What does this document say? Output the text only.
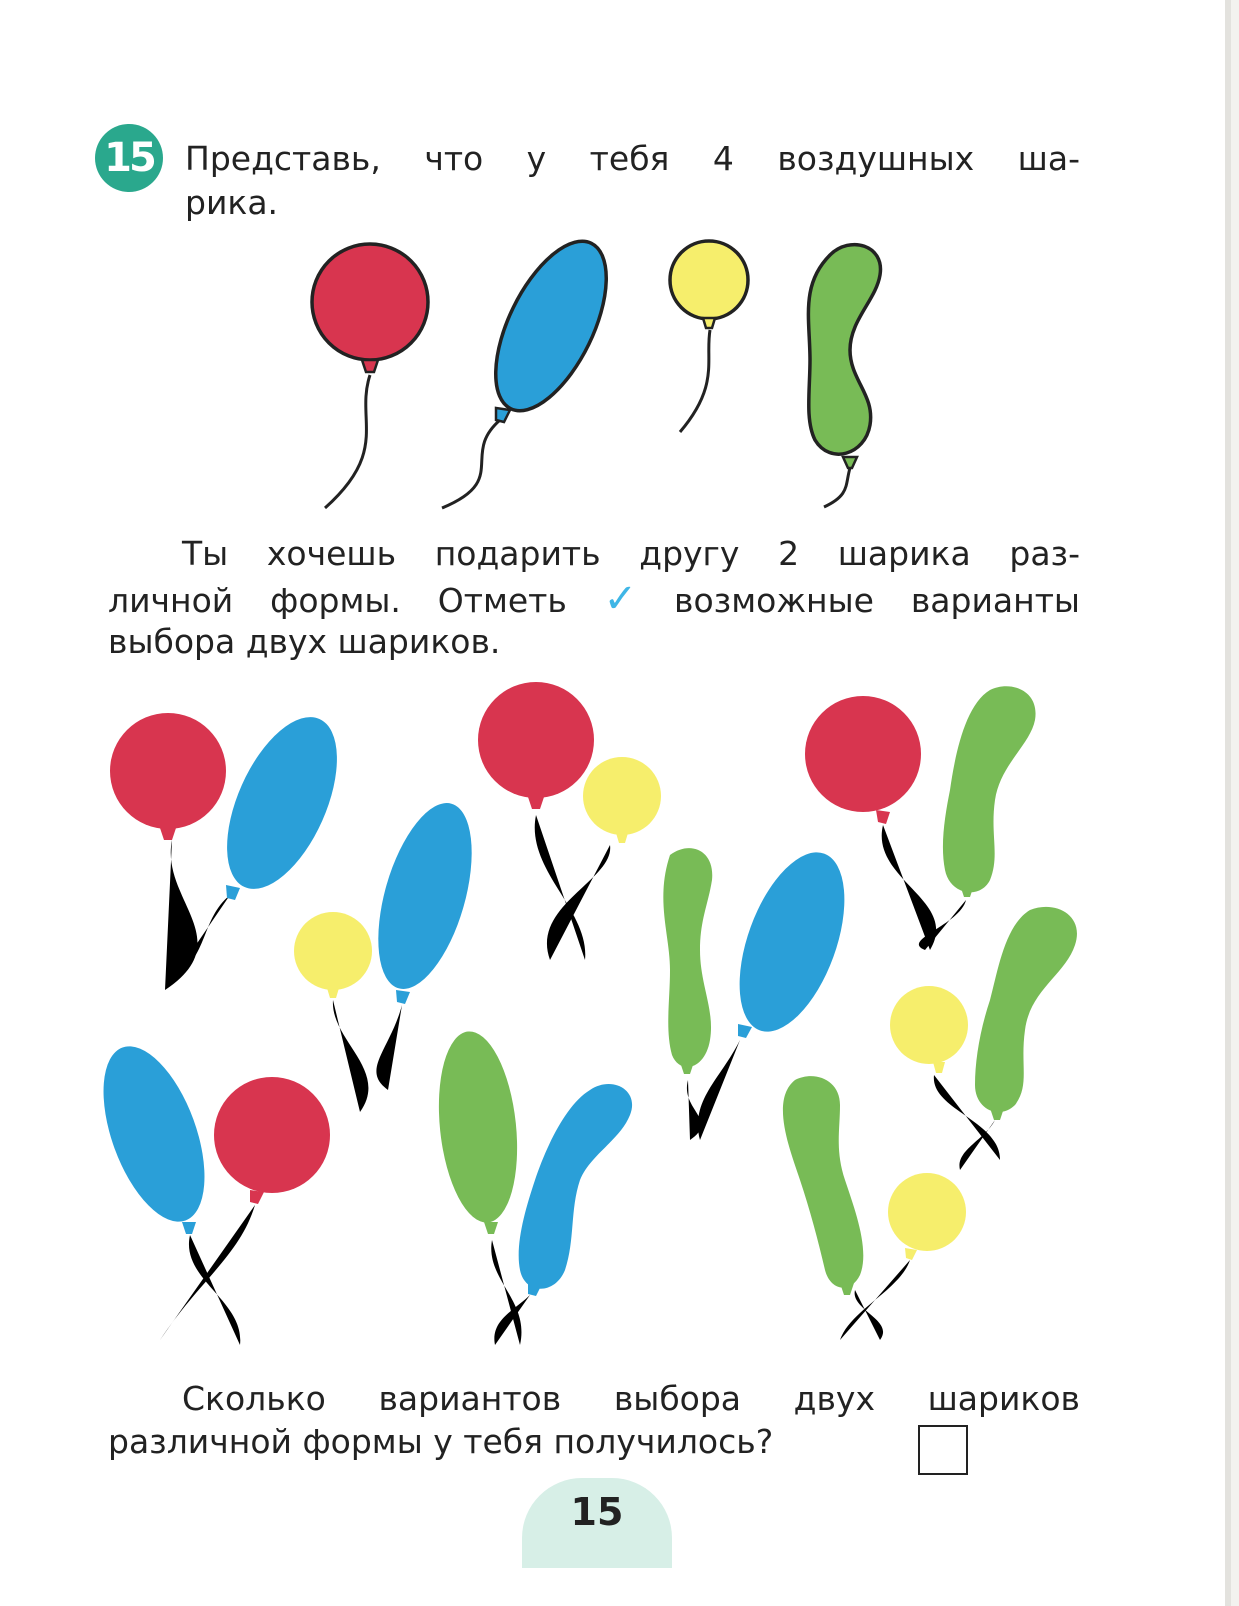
15 Представь, что у тебя 4 воздушных ша-

рика.

Ты хочешь подарить другу 2 шарика раз-

личной формы. Отметь ✓ возможные варианты

выбора двух шариков.

Сколько вариантов выбора двух шариков

различной формы у тебя получилось?

15
